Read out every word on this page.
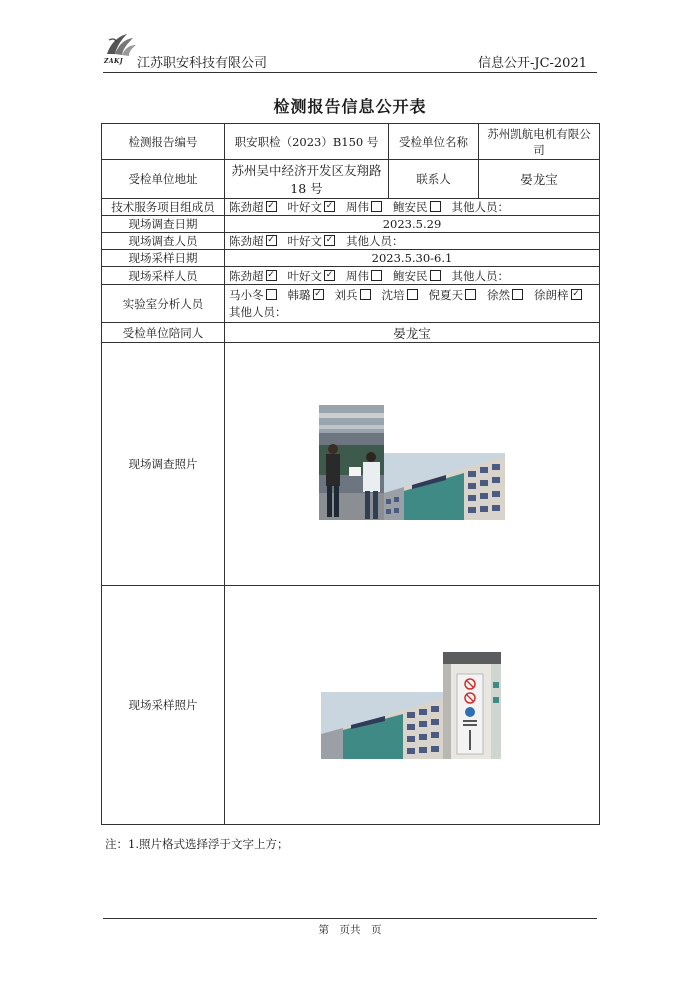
ZAKJ 江苏职安科技有限公司	信息公开-JC-2021
检测报告信息公开表
检测报告编号	职安职检（2023）B150 号	受检单位名称	苏州凯航电机有限公司
受检单位地址	苏州吴中经济开发区友翔路 18 号	联系人	晏龙宝
技术服务项目组成员	陈劲超 ✓ 叶好文 ✓ 周伟 鲍安民 其他人员：
现场调查日期	2023.5.29		
现场调查人员	陈劲超 ✓ 叶好文 ✓ 其他人员：
现场采样日期	2023.5.30-6.1		
现场采样人员	陈劲超 ✓ 叶好文 ✓ 周伟 鲍安民 其他人员：
实验室分析人员	马小冬 韩璐 ✓ 刘兵 沈培 倪夏天 徐然 徐朗梓✓
其他人员：
受检单位陪同人	晏龙宝		
现场调查照片	

现场采样照片	
注：1.照片格式选择浮于文字上方；
第　页共　页
